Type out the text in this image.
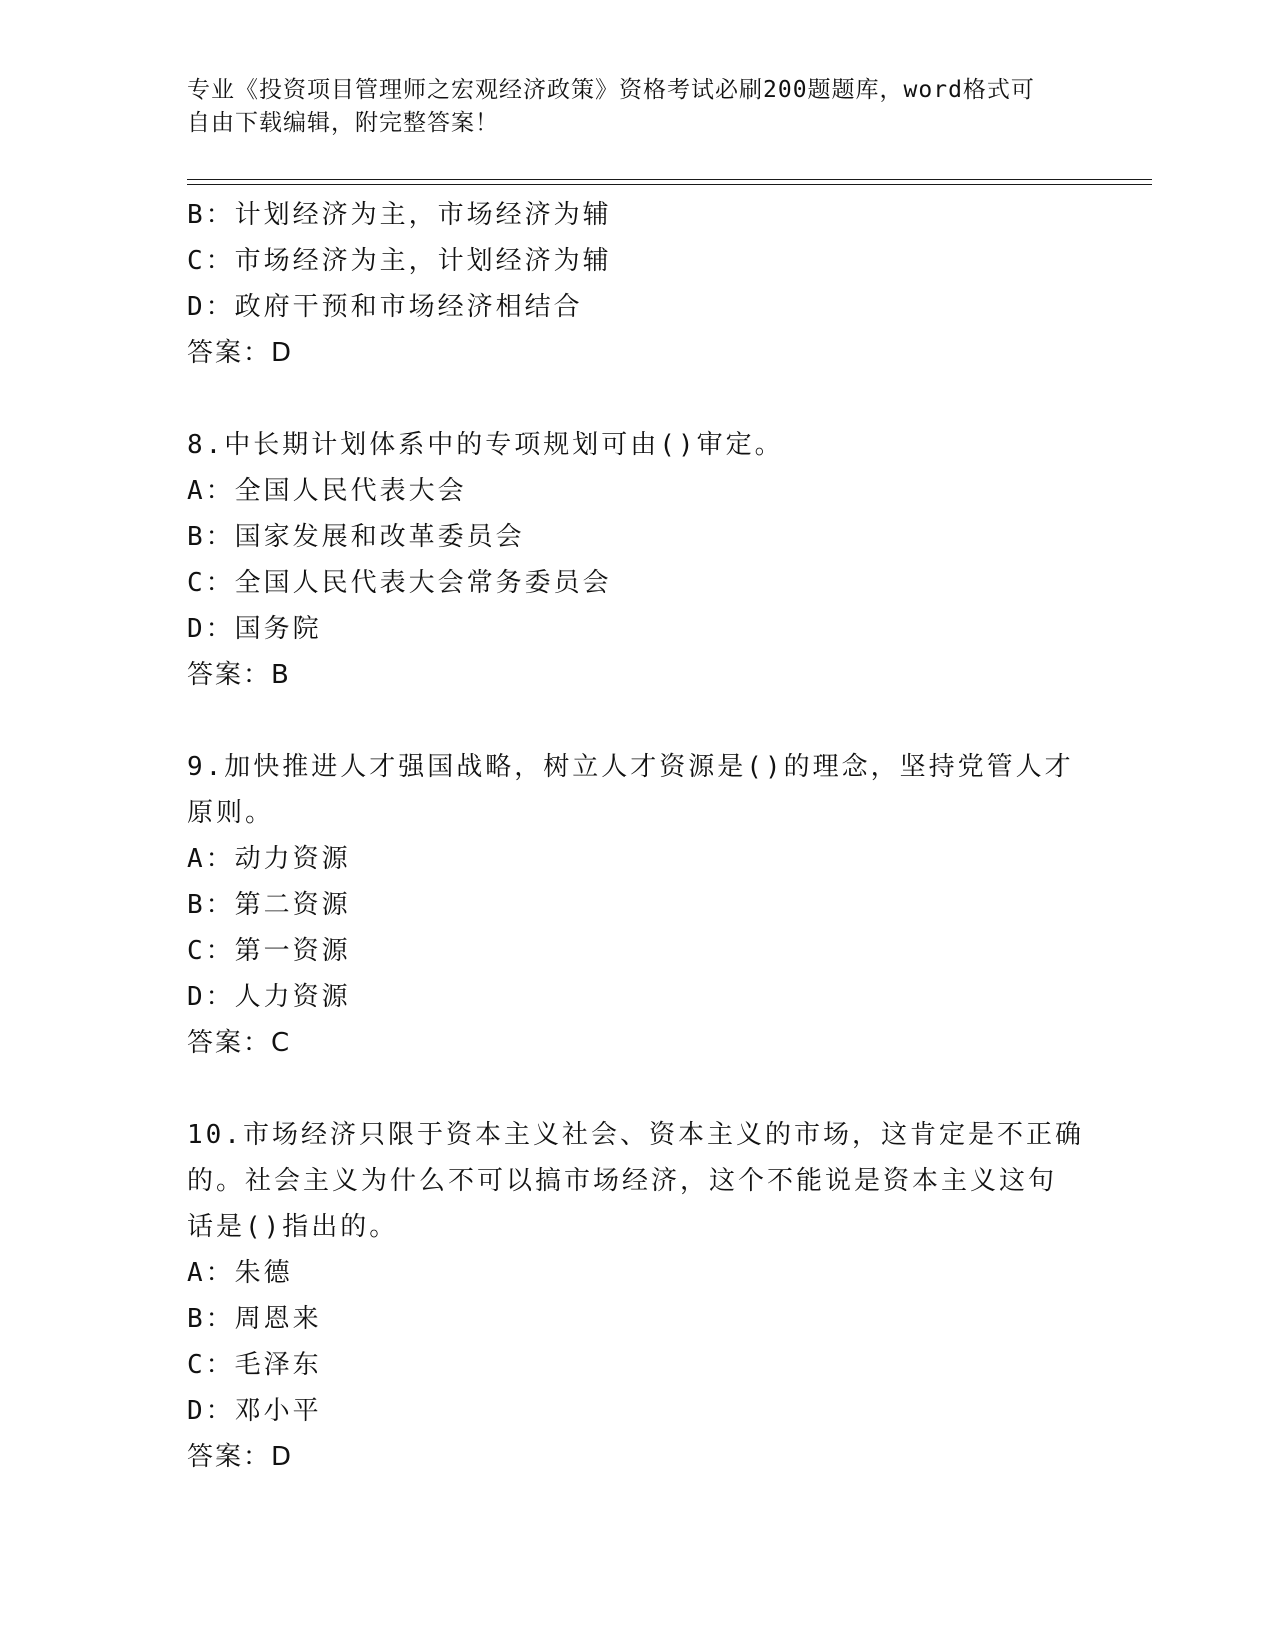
专业《投资项目管理师之宏观经济政策》资格考试必刷200题题库，word格式可
自由下载编辑，附完整答案！
B：计划经济为主，市场经济为辅
C：市场经济为主，计划经济为辅
D：政府干预和市场经济相结合
答案：D
8.中长期计划体系中的专项规划可由()审定。
A：全国人民代表大会
B：国家发展和改革委员会
C：全国人民代表大会常务委员会
D：国务院
答案：B
9.加快推进人才强国战略，树立人才资源是()的理念，坚持党管人才
原则。
A：动力资源
B：第二资源
C：第一资源
D：人力资源
答案：C
10.市场经济只限于资本主义社会、资本主义的市场，这肯定是不正确
的。社会主义为什么不可以搞市场经济，这个不能说是资本主义这句
话是()指出的。
A：朱德
B：周恩来
C：毛泽东
D：邓小平
答案：D
